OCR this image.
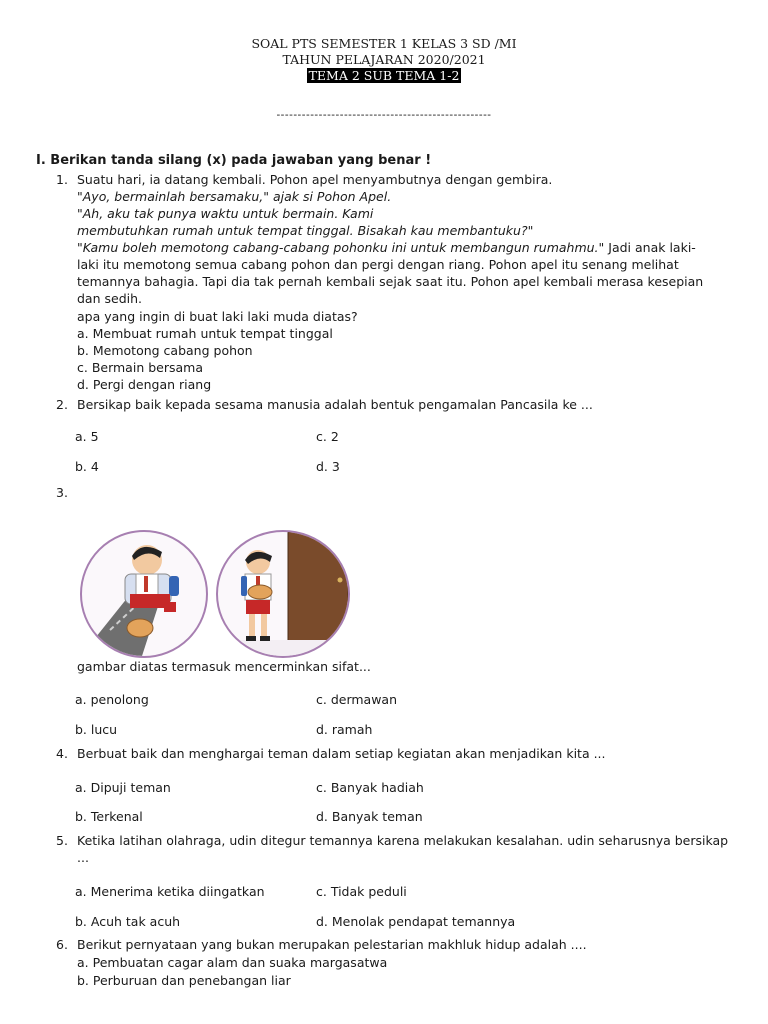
SOAL PTS SEMESTER 1 KELAS 3 SD /MI
TAHUN PELAJARAN 2020/2021
TEMA 2 SUB TEMA 1-2
---------------------------------------------------
I. Berikan tanda silang (x) pada jawaban yang benar !
1. Suatu hari, ia datang kembali. Pohon apel menyambutnya dengan gembira.
"Ayo, bermainlah bersamaku," ajak si Pohon Apel.
"Ah, aku tak punya waktu untuk bermain. Kami
membutuhkan rumah untuk tempat tinggal. Bisakah kau membantuku?"
"Kamu boleh memotong cabang-cabang pohonku ini untuk membangun rumahmu." Jadi anak laki-
laki itu memotong semua cabang pohon dan pergi dengan riang. Pohon apel itu senang melihat
temannya bahagia. Tapi dia tak pernah kembali sejak saat itu. Pohon apel kembali merasa kesepian
dan sedih.
apa yang ingin di buat laki laki muda diatas?
a. Membuat rumah untuk tempat tinggal
b. Memotong cabang pohon
c. Bermain bersama
d. Pergi dengan riang
2. Bersikap baik kepada sesama manusia adalah bentuk pengamalan Pancasila ke ...
a. 5	c. 2
b. 4	d. 3
3.
gambar diatas termasuk mencerminkan sifat...
a. penolong	c. dermawan
b. lucu	d. ramah
4. Berbuat baik dan menghargai teman dalam setiap kegiatan akan menjadikan kita ...
a. Dipuji teman	c. Banyak hadiah
b. Terkenal	d. Banyak teman
5. Ketika latihan olahraga, udin ditegur temannya karena melakukan kesalahan. udin seharusnya bersikap
...
a. Menerima ketika diingatkan	c. Tidak peduli
b. Acuh tak acuh	d. Menolak pendapat temannya
6. Berikut pernyataan yang bukan merupakan pelestarian makhluk hidup adalah ....
a. Pembuatan cagar alam dan suaka margasatwa
b. Perburuan dan penebangan liar
